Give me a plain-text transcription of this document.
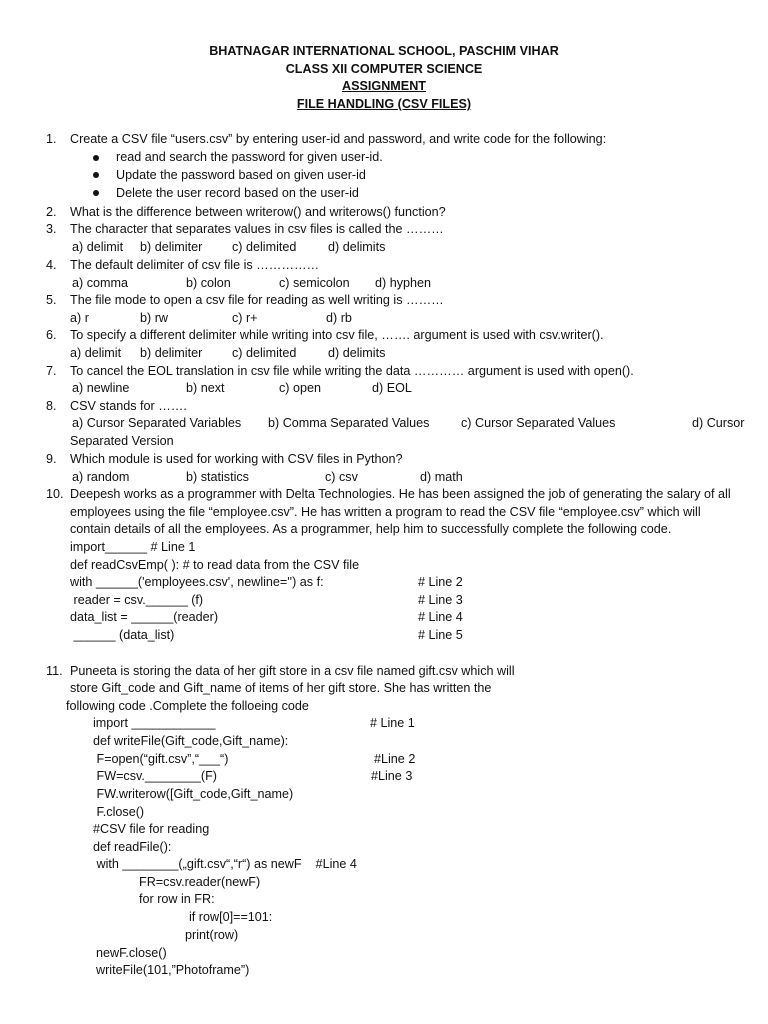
BHATNAGAR INTERNATIONAL SCHOOL, PASCHIM VIHAR
CLASS XII COMPUTER SCIENCE
ASSIGNMENT
FILE HANDLING (CSV FILES)
1. Create a CSV file “users.csv” by entering user-id and password, and write code for the following:
read and search the password for given user-id.
Update the password based on given user-id
Delete the user record based on the user-id
2. What is the difference between writerow() and writerows() function?
3. The character that separates values in csv files is called the ………
a) delimit b) delimiter c) delimited	d) delimits
4. The default delimiter of csv file is ……………
a) comma	b) colon	c) semicolon d) hyphen
5. The file mode to open a csv file for reading as well writing is ………
a) r	b) rw	c) r+	d) rb
6. To specify a different delimiter while writing into csv file, ……. argument is used with csv.writer().
a) delimit b) delimiter c) delimited	d) delimits
7. To cancel the EOL translation in csv file while writing the data ………… argument is used with open().
a) newline	b) next	c) open	d) EOL
8. CSV stands for …….
a) Cursor Separated Variables b) Comma Separated Values	c) Cursor Separated Values	d) Cursor
Separated Version
9. Which module is used for working with CSV files in Python?
a) random	b) statistics	c) csv	d) math
10. Deepesh works as a programmer with Delta Technologies. He has been assigned the job of generating the salary of all
employees using the file “employee.csv”. He has written a program to read the CSV file “employee.csv” which will
contain details of all the employees. As a programmer, help him to successfully complete the following code.
import______ # Line 1
def readCsvEmp( ): # to read data from the CSV file
with ______('employees.csv', newline='') as f:	# Line 2
reader = csv.______ (f)	# Line 3
data_list = ______(reader)	# Line 4
______ (data_list)	# Line 5
11. Puneeta is storing the data of her gift store in a csv file named gift.csv which will
store Gift_code and Gift_name of items of her gift store. She has written the
following code .Complete the folloeing code
import ____________	# Line 1
def writeFile(Gift_code,Gift_name):
F=open(“gift.csv”,“___“)	#Line 2
FW=csv.________(F)	#Line 3
FW.writerow([Gift_code,Gift_name)
F.close()
#CSV file for reading
def readFile():
with ________(„gift.csv“,“r“) as newF    #Line 4
FR=csv.reader(newF)
for row in FR:
if row[0]==101:
print(row)
newF.close()
writeFile(101,”Photoframe”)
